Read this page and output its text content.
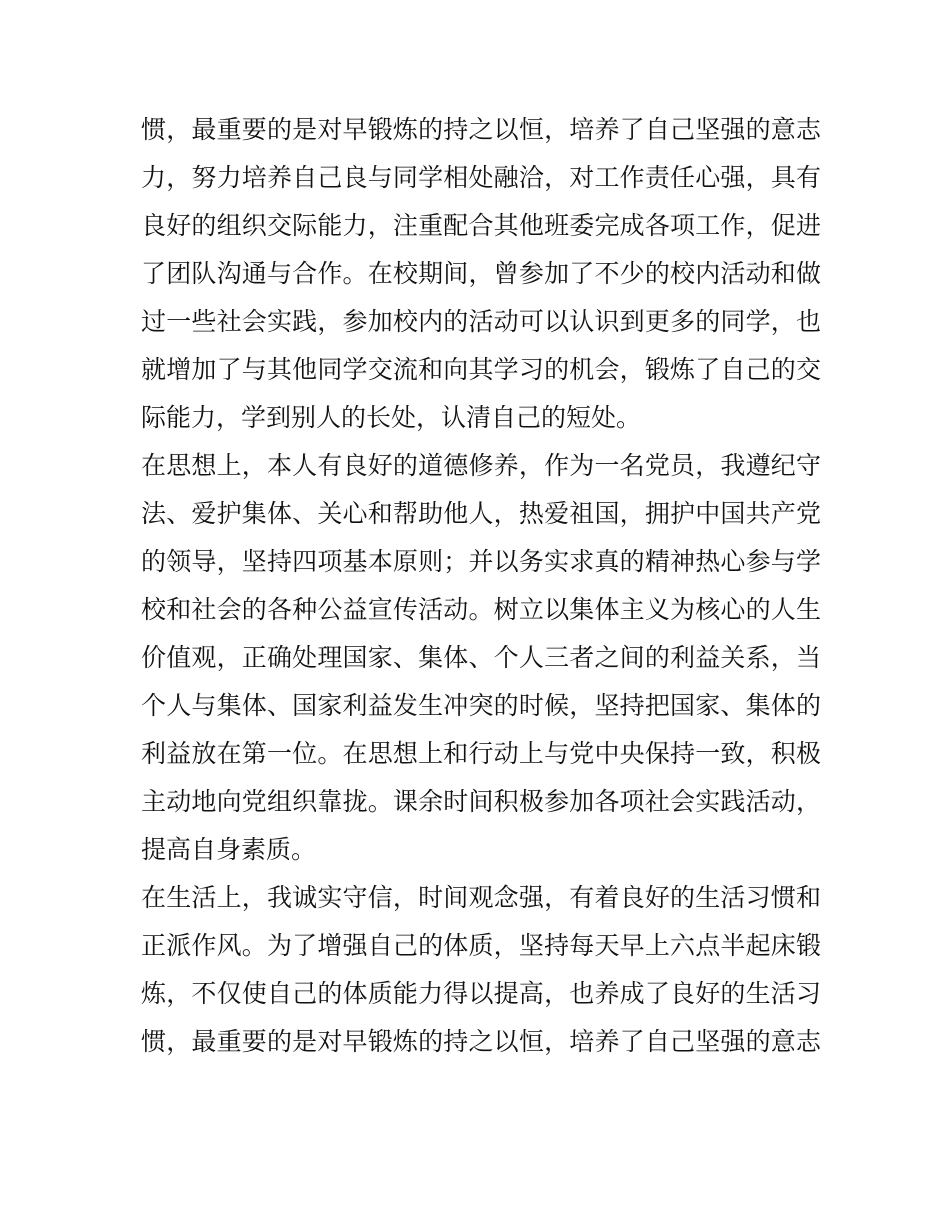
惯，最重要的是对早锻炼的持之以恒，培养了自己坚强的意志
力，努力培养自己良与同学相处融洽，对工作责任心强，具有
良好的组织交际能力，注重配合其他班委完成各项工作，促进
了团队沟通与合作。在校期间，曾参加了不少的校内活动和做
过一些社会实践，参加校内的活动可以认识到更多的同学，也
就增加了与其他同学交流和向其学习的机会，锻炼了自己的交
际能力，学到别人的长处，认清自己的短处。
在思想上，本人有良好的道德修养，作为一名党员，我遵纪守
法、爱护集体、关心和帮助他人，热爱祖国，拥护中国共产党
的领导，坚持四项基本原则；并以务实求真的精神热心参与学
校和社会的各种公益宣传活动。树立以集体主义为核心的人生
价值观，正确处理国家、集体、个人三者之间的利益关系，当
个人与集体、国家利益发生冲突的时候，坚持把国家、集体的
利益放在第一位。在思想上和行动上与党中央保持一致，积极
主动地向党组织靠拢。课余时间积极参加各项社会实践活动，
提高自身素质。
在生活上，我诚实守信，时间观念强，有着良好的生活习惯和
正派作风。为了增强自己的体质，坚持每天早上六点半起床锻
炼，不仅使自己的体质能力得以提高，也养成了良好的生活习
惯，最重要的是对早锻炼的持之以恒，培养了自己坚强的意志
